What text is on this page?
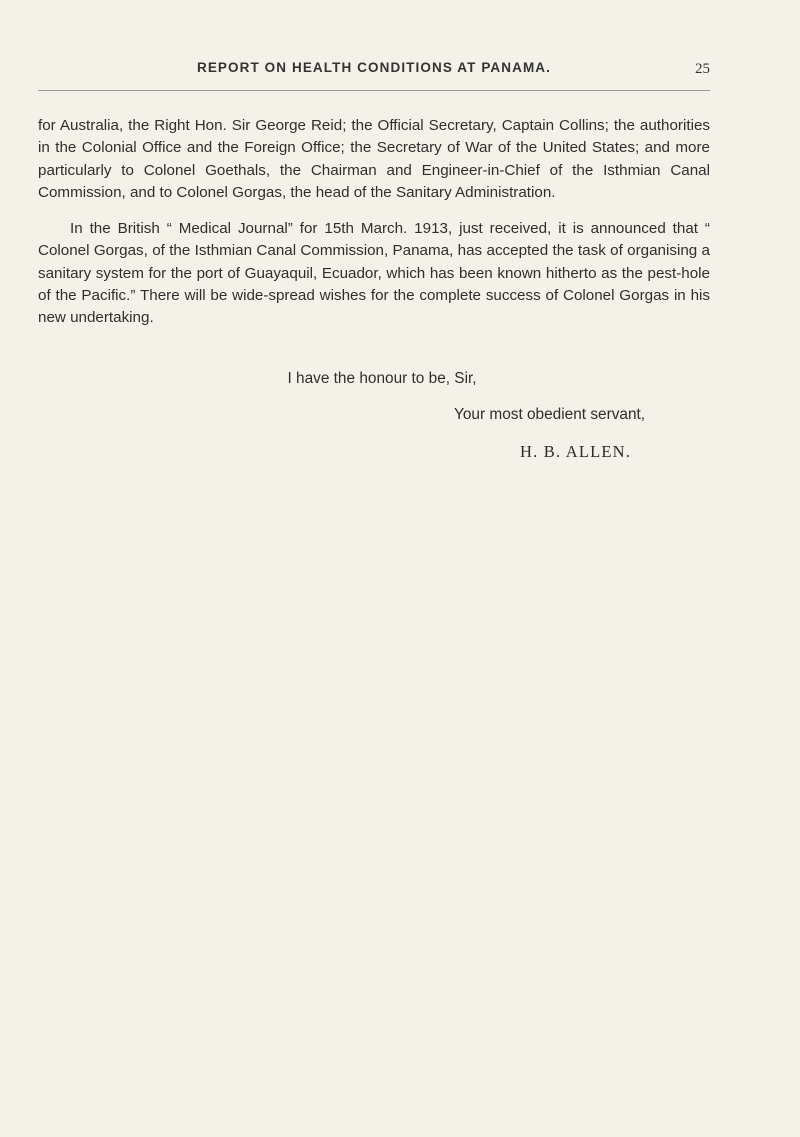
REPORT ON HEALTH CONDITIONS AT PANAMA.	25

for Australia, the Right Hon. Sir George Reid; the Official Secretary, Captain Collins; the authorities in the Colonial Office and the Foreign Office; the Secretary of War of the United States; and more particularly to Colonel Goethals, the Chairman and Engineer-in-Chief of the Isthmian Canal Commission, and to Colonel Gorgas, the head of the Sanitary Administration.

In the British “ Medical Journal” for 15th March. 1913, just received, it is announced that “ Colonel Gorgas, of the Isthmian Canal Commission, Panama, has accepted the task of organising a sanitary system for the port of Guayaquil, Ecuador, which has been known hitherto as the pest-hole of the Pacific.” There will be wide-spread wishes for the complete success of Colonel Gorgas in his new undertaking.

I have the honour to be, Sir,
Your most obedient servant,
H. B. ALLEN.
